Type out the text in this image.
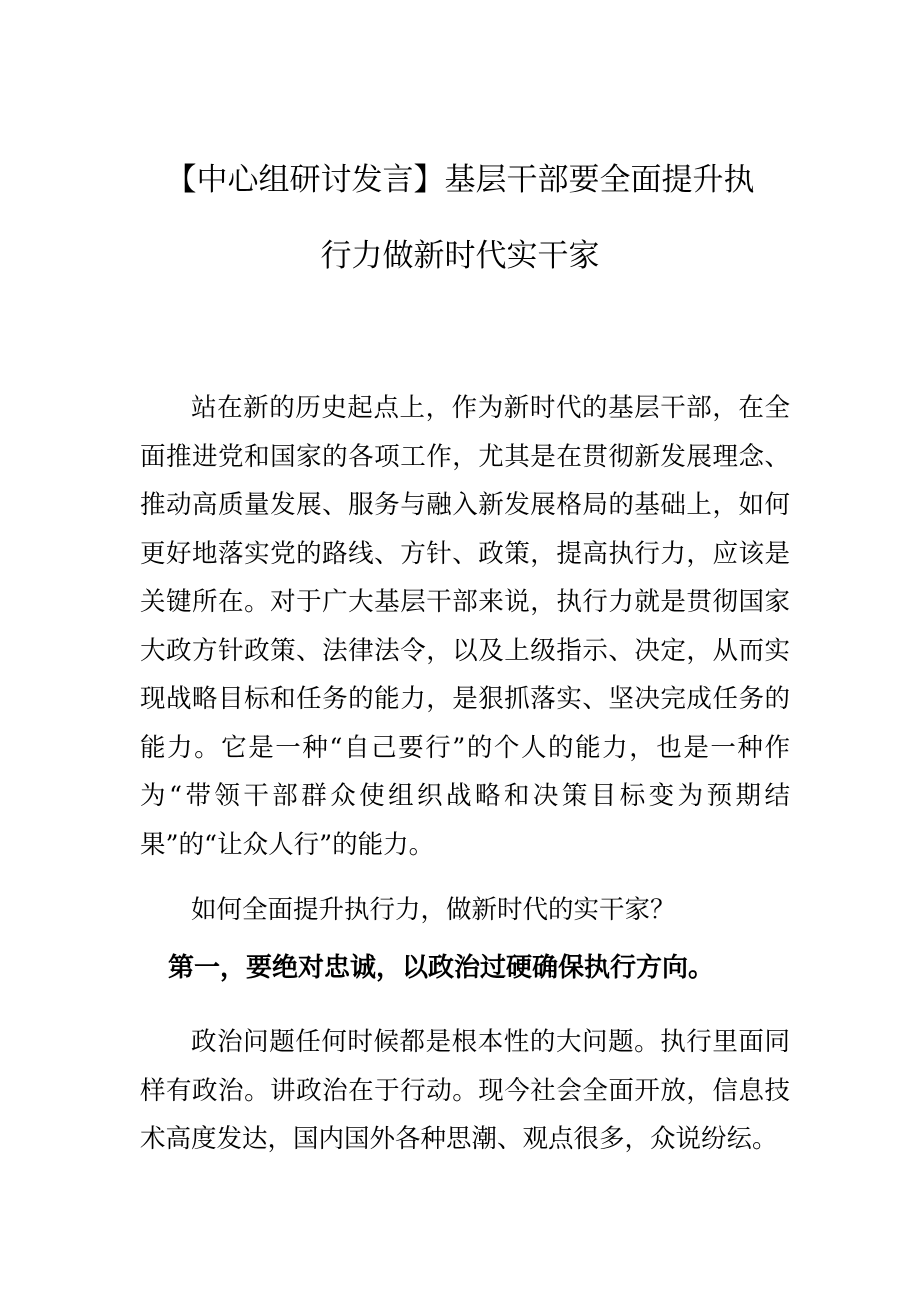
【中心组研讨发言】基层干部要全面提升执
行力做新时代实干家

站在新的历史起点上，作为新时代的基层干部，在全面推进党和国家的各项工作，尤其是在贯彻新发展理念、推动高质量发展、服务与融入新发展格局的基础上，如何更好地落实党的路线、方针、政策，提高执行力，应该是关键所在。对于广大基层干部来说，执行力就是贯彻国家大政方针政策、法律法令，以及上级指示、决定，从而实现战略目标和任务的能力，是狠抓落实、坚决完成任务的能力。它是一种“自己要行”的个人的能力，也是一种作为“带领干部群众使组织战略和决策目标变为预期结果”的“让众人行”的能力。

如何全面提升执行力，做新时代的实干家？

第一，要绝对忠诚，以政治过硬确保执行方向。

政治问题任何时候都是根本性的大问题。执行里面同样有政治。讲政治在于行动。现今社会全面开放，信息技术高度发达，国内国外各种思潮、观点很多，众说纷纭。
